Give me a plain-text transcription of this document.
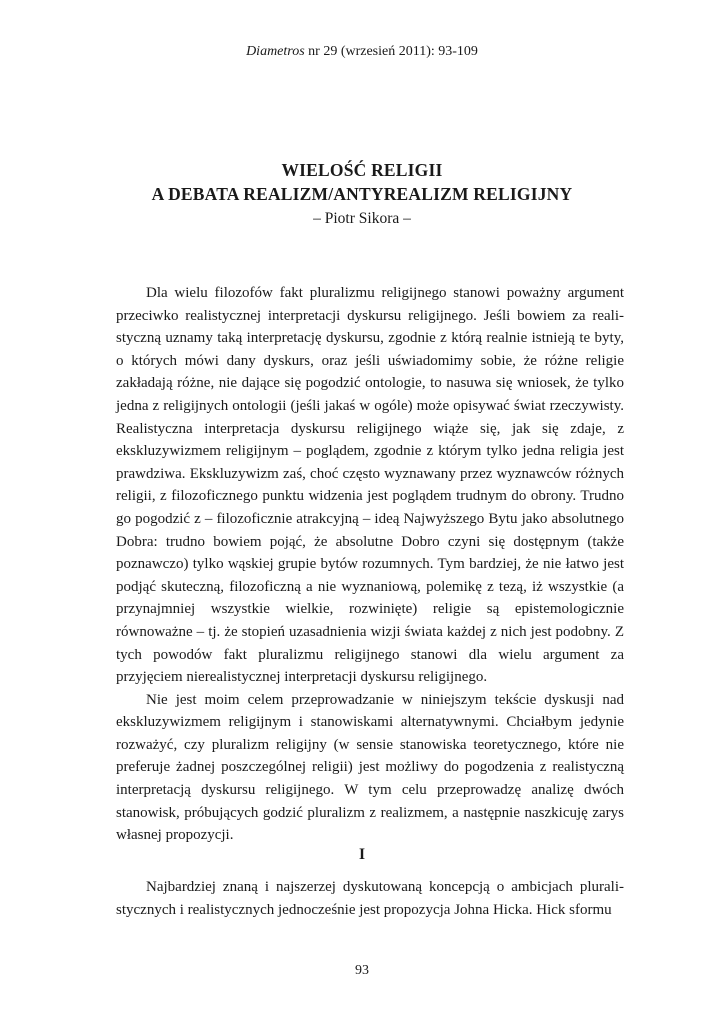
Diametros nr 29 (wrzesień 2011): 93-109
WIELOŚĆ RELIGII
A DEBATA REALIZM/ANTYREALIZM RELIGIJNY
– Piotr Sikora –

Dla wielu filozofów fakt pluralizmu religijnego stanowi poważny argument przeciwko realistycznej interpretacji dyskursu religijnego. Jeśli bowiem za realistyczną uznamy taką interpretację dyskursu, zgodnie z którą realnie istnieją te byty, o których mówi dany dyskurs, oraz jeśli uświadomimy sobie, że różne religie zakładają różne, nie dające się pogodzić ontologie, to nasuwa się wniosek, że tylko jedna z religijnych ontologii (jeśli jakaś w ogóle) może opisywać świat rzeczywisty. Realistyczna interpretacja dyskursu religijnego wiąże się, jak się zdaje, z ekskluzywizmem religijnym – poglądem, zgodnie z którym tylko jedna religia jest prawdziwa. Ekskluzywizm zaś, choć często wyznawany przez wyznawców różnych religii, z filozoficznego punktu widzenia jest poglądem trudnym do obrony. Trudno go pogodzić z – filozoficznie atrakcyjną – ideą Najwyższego Bytu jako absolutnego Dobra: trudno bowiem pojąć, że absolutne Dobro czyni się dostępnym (także poznawczo) tylko wąskiej grupie bytów rozumnych. Tym bardziej, że nie łatwo jest podjąć skuteczną, filozoficzną a nie wyznaniową, polemikę z tezą, iż wszystkie (a przynajmniej wszystkie wielkie, rozwinięte) religie są epistemologicznie równoważne – tj. że stopień uzasadnienia wizji świata każdej z nich jest podobny. Z tych powodów fakt pluralizmu religijnego stanowi dla wielu argument za przyjęciem nierealistycznej interpretacji dyskursu religijnego.

Nie jest moim celem przeprowadzanie w niniejszym tekście dyskusji nad ekskluzywizmem religijnym i stanowiskami alternatywnymi. Chciałbym jedynie rozważyć, czy pluralizm religijny (w sensie stanowiska teoretycznego, które nie preferuje żadnej poszczególnej religii) jest możliwy do pogodzenia z realistyczną interpretacją dyskursu religijnego. W tym celu przeprowadzę analizę dwóch stanowisk, próbujących godzić pluralizm z realizmem, a następnie naszkicuję zarys własnej propozycji.

I

Najbardziej znaną i najszerzej dyskutowaną koncepcją o ambicjach pluralistycznych i realistycznych jednocześnie jest propozycja Johna Hicka. Hick sformu

93
